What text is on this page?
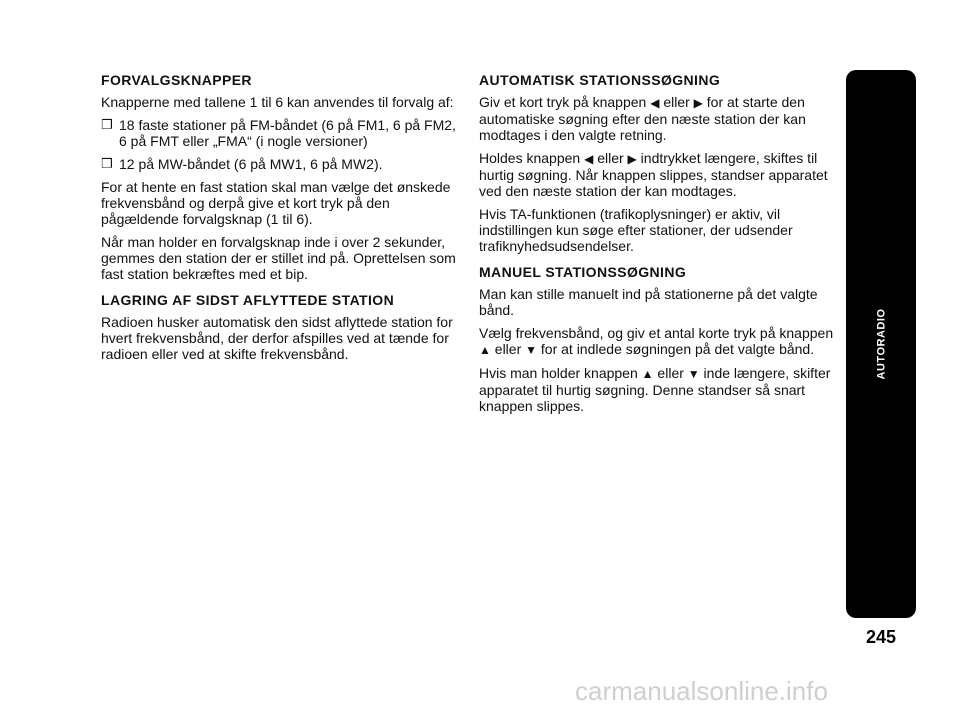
FORVALGSKNAPPER

Knapperne med tallene 1 til 6 kan anvendes til forvalg af:

❒ 18 faste stationer på FM-båndet (6 på FM1, 6 på FM2, 6 på FMT eller „FMA“ (i nogle versioner)
❒ 12 på MW-båndet (6 på MW1, 6 på MW2).

For at hente en fast station skal man vælge det ønskede frekvensbånd og derpå give et kort tryk på den pågældende forvalgsknap (1 til 6).

Når man holder en forvalgsknap inde i over 2 sekunder, gemmes den station der er stillet ind på. Oprettelsen som fast station bekræftes med et bip.

LAGRING AF SIDST AFLYTTEDE STATION

Radioen husker automatisk den sidst aflyttede station for hvert frekvensbånd, der derfor afspilles ved at tænde for radioen eller ved at skifte frekvensbånd.

AUTOMATISK STATIONSSØGNING

Giv et kort tryk på knappen ◀ eller ▶ for at starte den automatiske søgning efter den næste station der kan modtages i den valgte retning.

Holdes knappen ◀ eller ▶ indtrykket længere, skiftes til hurtig søgning. Når knappen slippes, standser apparatet ved den næste station der kan modtages.

Hvis TA-funktionen (trafikoplysninger) er aktiv, vil indstillingen kun søge efter stationer, der udsender trafiknyhedsudsendelser.

MANUEL STATIONSSØGNING

Man kan stille manuelt ind på stationerne på det valgte bånd.

Vælg frekvensbånd, og giv et antal korte tryk på knappen ▲ eller ▼ for at indlede søgningen på det valgte bånd.

Hvis man holder knappen ▲ eller ▼ inde længere, skifter apparatet til hurtig søgning. Denne standser så snart knappen slippes.

AUTORADIO
245
carmanualsonline.info
